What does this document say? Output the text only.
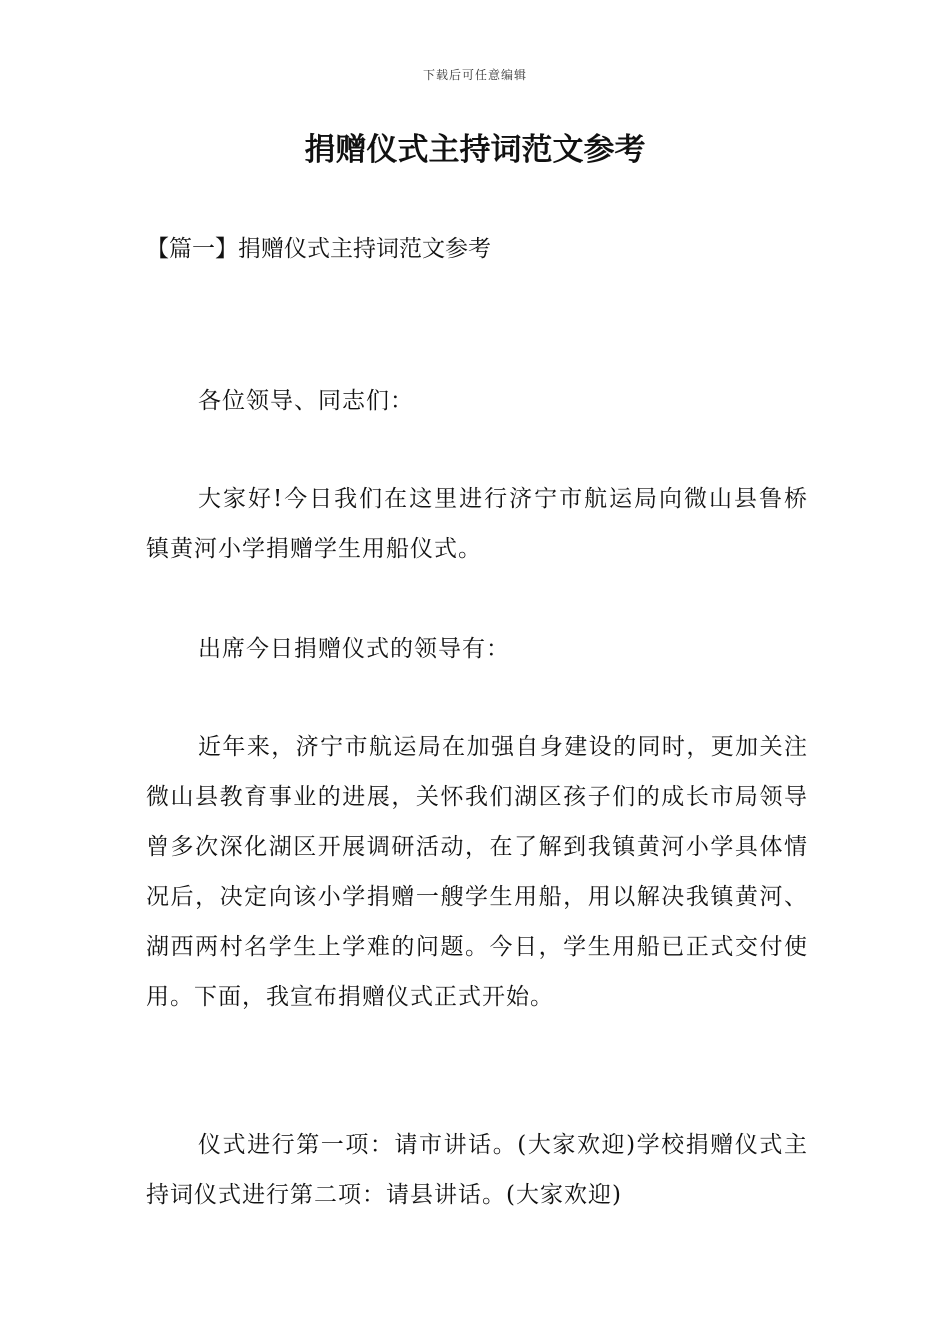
下载后可任意编辑
捐赠仪式主持词范文参考
【篇一】捐赠仪式主持词范文参考

各位领导、同志们：

大家好!今日我们在这里进行济宁市航运局向微山县鲁桥镇黄河小学捐赠学生用船仪式。

出席今日捐赠仪式的领导有：

近年来，济宁市航运局在加强自身建设的同时，更加关注微山县教育事业的进展，关怀我们湖区孩子们的成长市局领导曾多次深化湖区开展调研活动，在了解到我镇黄河小学具体情况后，决定向该小学捐赠一艘学生用船，用以解决我镇黄河、湖西两村名学生上学难的问题。今日，学生用船已正式交付使用。下面，我宣布捐赠仪式正式开始。

仪式进行第一项：请市讲话。(大家欢迎)学校捐赠仪式主持词仪式进行第二项：请县讲话。(大家欢迎)
